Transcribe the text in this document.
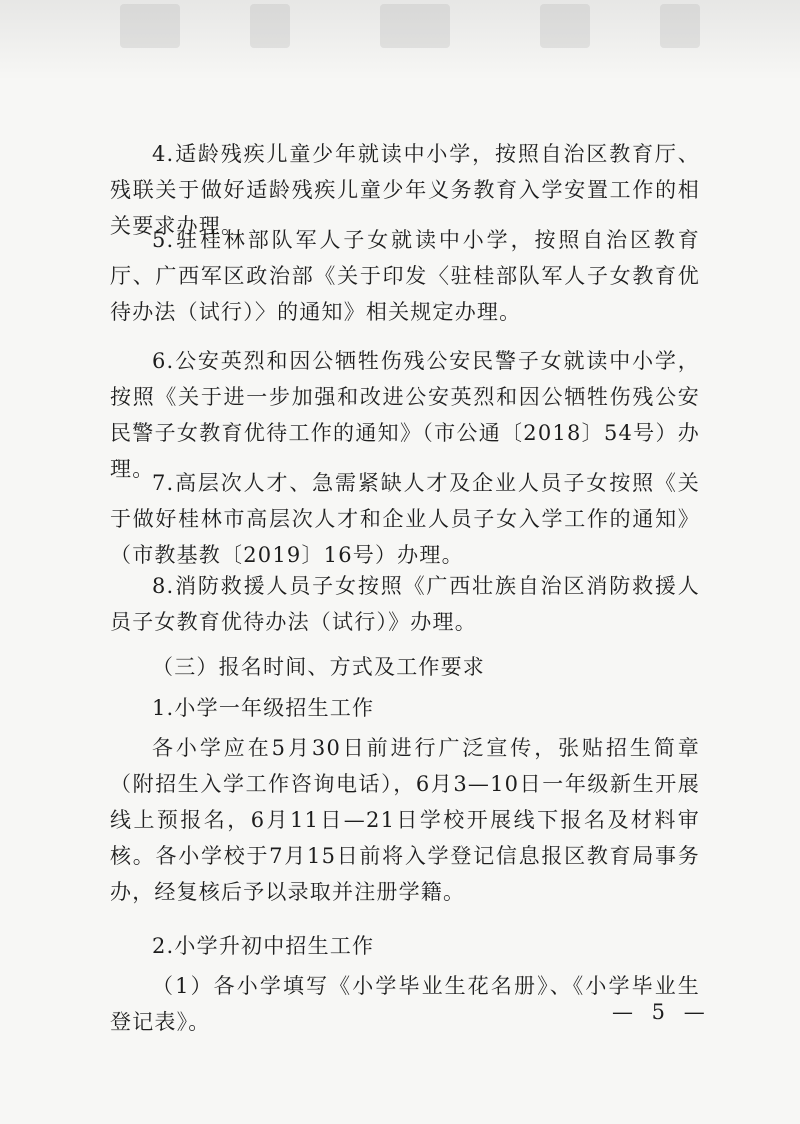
4.适龄残疾儿童少年就读中小学，按照自治区教育厅、残联关于做好适龄残疾儿童少年义务教育入学安置工作的相关要求办理。

5.驻桂林部队军人子女就读中小学，按照自治区教育厅、广西军区政治部《关于印发〈驻桂部队军人子女教育优待办法（试行）〉的通知》相关规定办理。

6.公安英烈和因公牺牲伤残公安民警子女就读中小学，按照《关于进一步加强和改进公安英烈和因公牺牲伤残公安民警子女教育优待工作的通知》（市公通〔2018〕54号）办理。

7.高层次人才、急需紧缺人才及企业人员子女按照《关于做好桂林市高层次人才和企业人员子女入学工作的通知》（市教基教〔2019〕16号）办理。

8.消防救援人员子女按照《广西壮族自治区消防救援人员子女教育优待办法（试行）》办理。

（三）报名时间、方式及工作要求

1.小学一年级招生工作

各小学应在5月30日前进行广泛宣传，张贴招生简章（附招生入学工作咨询电话），6月3—10日一年级新生开展线上预报名，6月11日—21日学校开展线下报名及材料审核。各小学校于7月15日前将入学登记信息报区教育局事务办，经复核后予以录取并注册学籍。

2.小学升初中招生工作

（1）各小学填写《小学毕业生花名册》、《小学毕业生登记表》。	— 5 —
